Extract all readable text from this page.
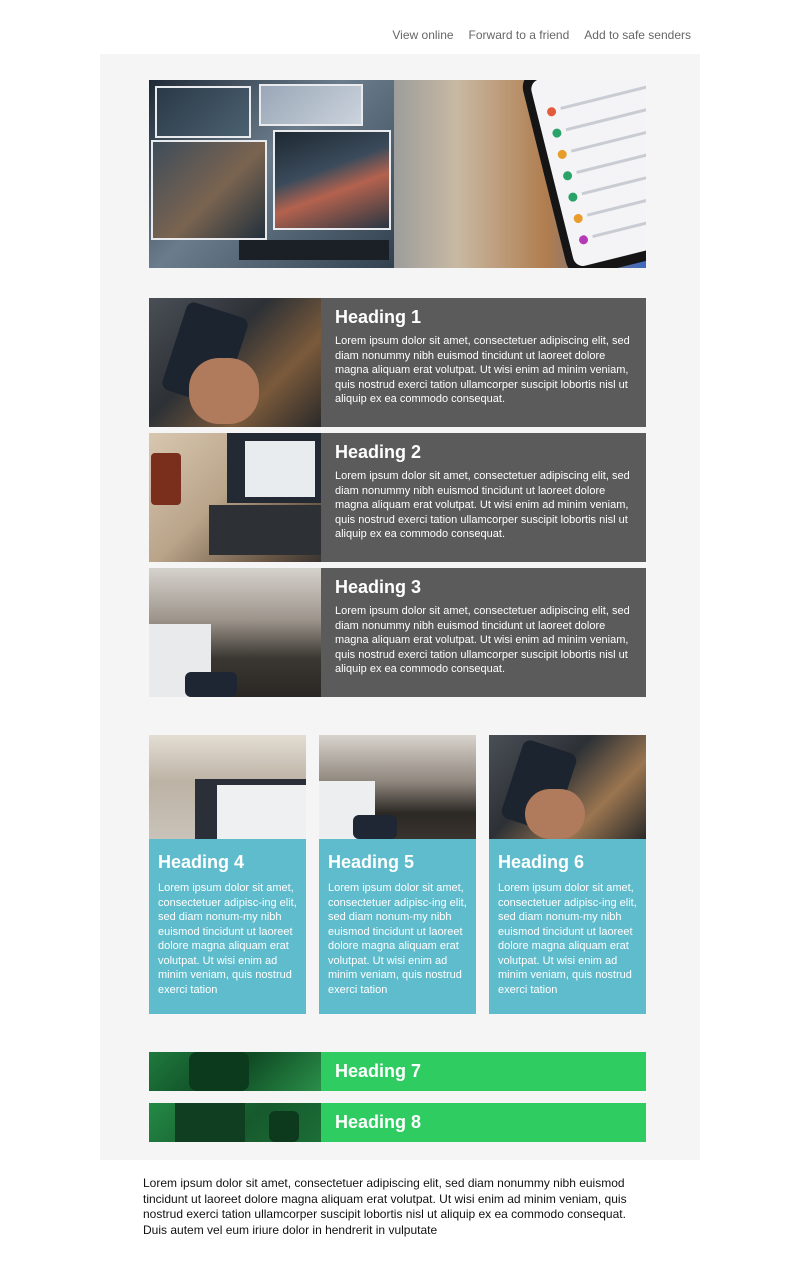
View online Forward to a friend Add to safe senders
Heading 1

Lorem ipsum dolor sit amet, consectetuer adipiscing elit, sed diam nonummy nibh euismod tincidunt ut laoreet dolore magna aliquam erat volutpat. Ut wisi enim ad minim veniam, quis nostrud exerci tation ullamcorper suscipit lobortis nisl ut aliquip ex ea commodo consequat.

Heading 2

Lorem ipsum dolor sit amet, consectetuer adipiscing elit, sed diam nonummy nibh euismod tincidunt ut laoreet dolore magna aliquam erat volutpat. Ut wisi enim ad minim veniam, quis nostrud exerci tation ullamcorper suscipit lobortis nisl ut aliquip ex ea commodo consequat.

Heading 3

Lorem ipsum dolor sit amet, consectetuer adipiscing elit, sed diam nonummy nibh euismod tincidunt ut laoreet dolore magna aliquam erat volutpat. Ut wisi enim ad minim veniam, quis nostrud exerci tation ullamcorper suscipit lobortis nisl ut aliquip ex ea commodo consequat.

Heading 4

Lorem ipsum dolor sit amet, consectetuer adipisc-ing elit, sed diam nonum-my nibh euismod tincidunt ut laoreet dolore magna aliquam erat volutpat. Ut wisi enim ad minim veniam, quis nostrud exerci tation

Heading 5

Lorem ipsum dolor sit amet, consectetuer adipisc-ing elit, sed diam nonum-my nibh euismod tincidunt ut laoreet dolore magna aliquam erat volutpat. Ut wisi enim ad minim veniam, quis nostrud exerci tation

Heading 6

Lorem ipsum dolor sit amet, consectetuer adipisc-ing elit, sed diam nonum-my nibh euismod tincidunt ut laoreet dolore magna aliquam erat volutpat. Ut wisi enim ad minim veniam, quis nostrud exerci tation

Heading 7
Heading 8

Lorem ipsum dolor sit amet, consectetuer adipiscing elit, sed diam nonummy nibh euismod tincidunt ut laoreet dolore magna aliquam erat volutpat. Ut wisi enim ad minim veniam, quis nostrud exerci tation ullamcorper suscipit lobortis nisl ut aliquip ex ea commodo consequat. Duis autem vel eum iriure dolor in hendrerit in vulputate
